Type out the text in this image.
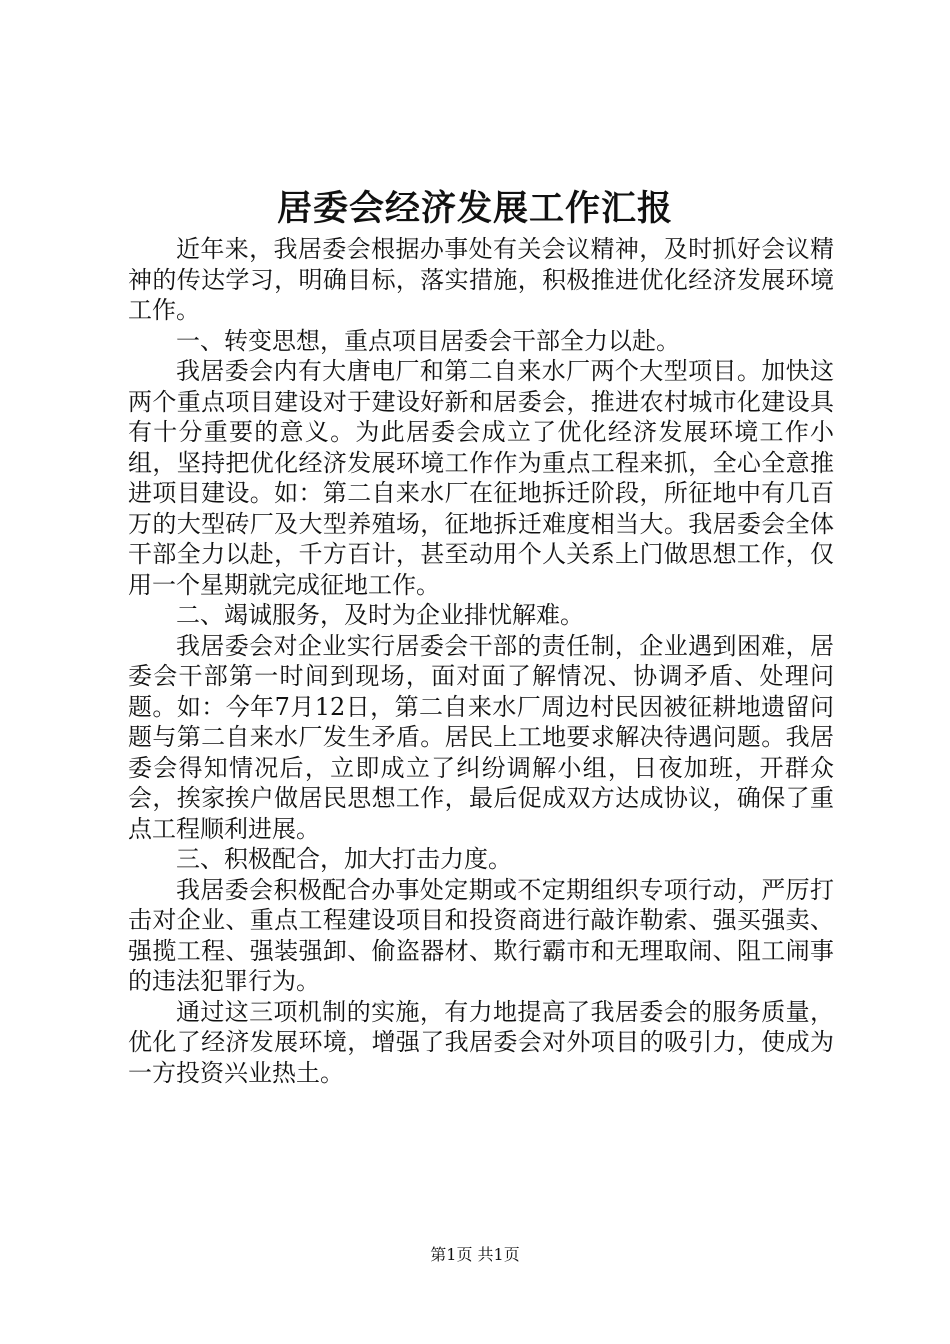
居委会经济发展工作汇报

近年来，我居委会根据办事处有关会议精神，及时抓好会议精神的传达学习，明确目标，落实措施，积极推进优化经济发展环境工作。

一、转变思想，重点项目居委会干部全力以赴。

我居委会内有大唐电厂和第二自来水厂两个大型项目。加快这两个重点项目建设对于建设好新和居委会，推进农村城市化建设具有十分重要的意义。为此居委会成立了优化经济发展环境工作小组，坚持把优化经济发展环境工作作为重点工程来抓，全心全意推进项目建设。如：第二自来水厂在征地拆迁阶段，所征地中有几百万的大型砖厂及大型养殖场，征地拆迁难度相当大。我居委会全体干部全力以赴，千方百计，甚至动用个人关系上门做思想工作，仅用一个星期就完成征地工作。

二、竭诚服务，及时为企业排忧解难。

我居委会对企业实行居委会干部的责任制，企业遇到困难，居委会干部第一时间到现场，面对面了解情况、协调矛盾、处理问题。如：今年7月12日，第二自来水厂周边村民因被征耕地遗留问题与第二自来水厂发生矛盾。居民上工地要求解决待遇问题。我居委会得知情况后，立即成立了纠纷调解小组，日夜加班，开群众会，挨家挨户做居民思想工作，最后促成双方达成协议，确保了重点工程顺利进展。

三、积极配合，加大打击力度。

我居委会积极配合办事处定期或不定期组织专项行动，严厉打击对企业、重点工程建设项目和投资商进行敲诈勒索、强买强卖、强揽工程、强装强卸、偷盗器材、欺行霸市和无理取闹、阻工闹事的违法犯罪行为。

通过这三项机制的实施，有力地提高了我居委会的服务质量，优化了经济发展环境，增强了我居委会对外项目的吸引力，使成为一方投资兴业热土。

第1页 共1页
